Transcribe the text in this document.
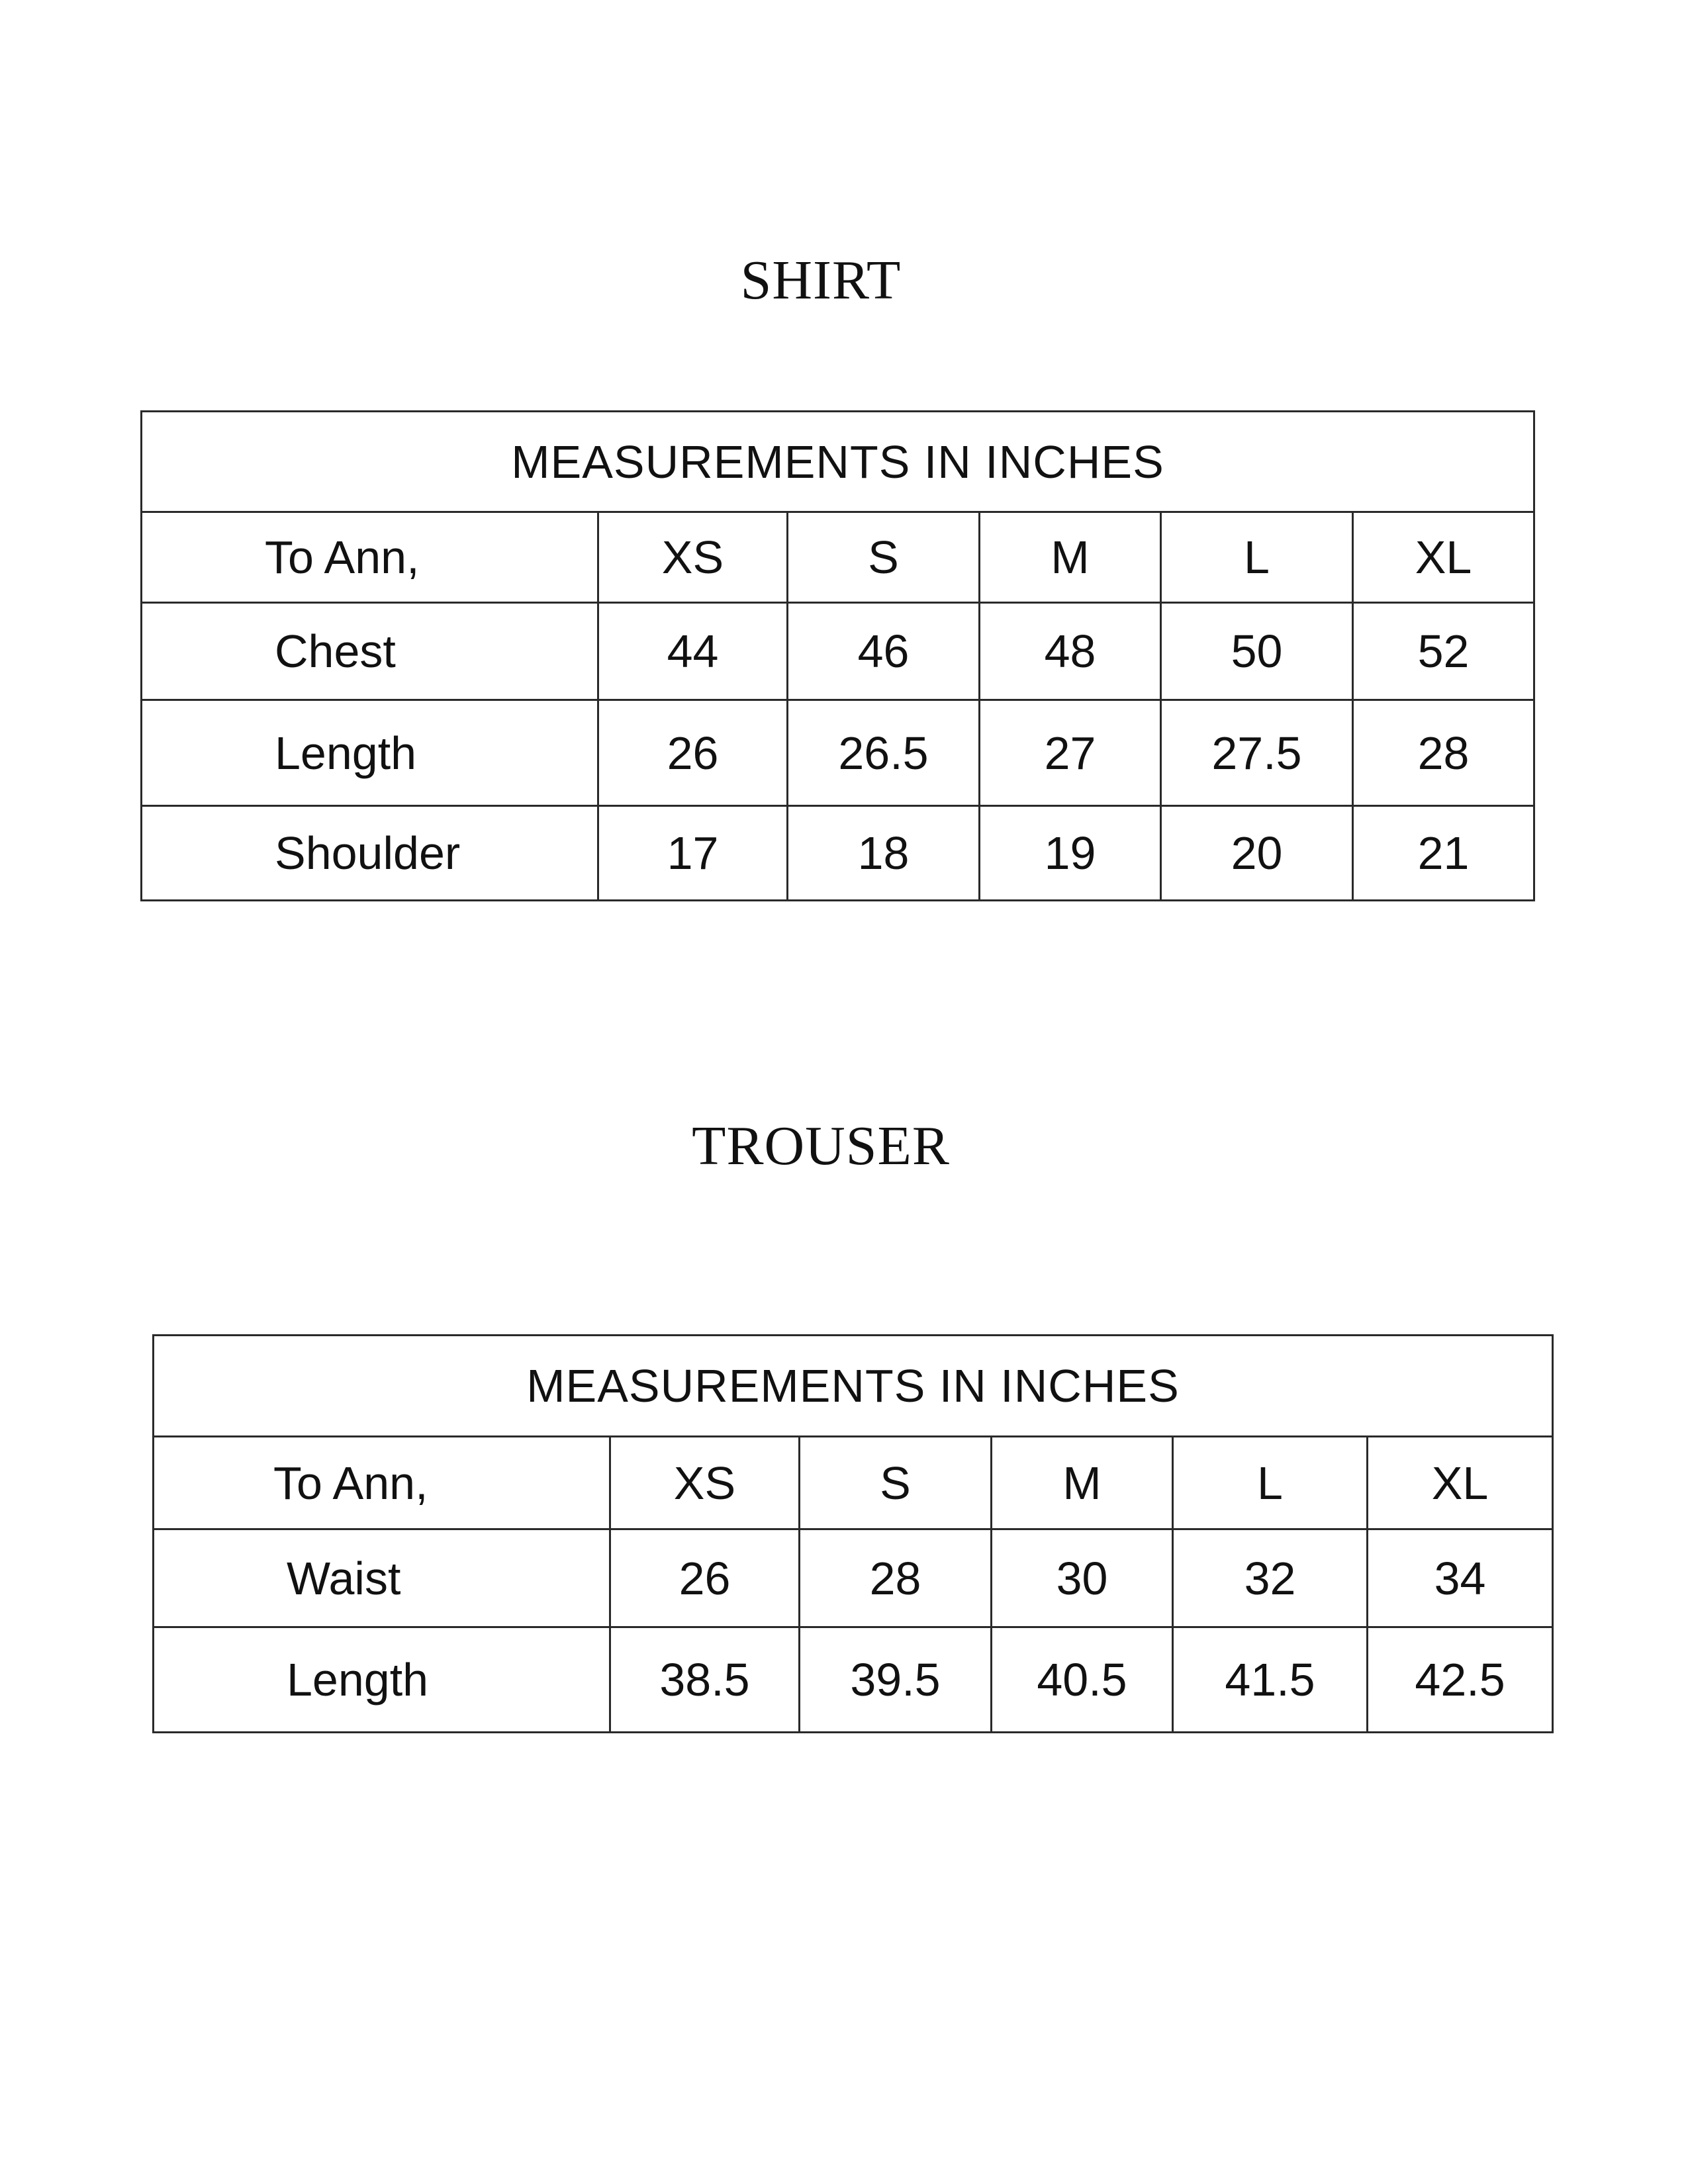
SHIRT
MEASUREMENTS IN INCHES					
To Ann,	XS	S	M	L	XL
Chest	44	46	48	50	52
Length	26	26.5	27	27.5	28
Shoulder	17	18	19	20	21
TROUSER
MEASUREMENTS IN INCHES					
To Ann,	XS	S	M	L	XL
Waist	26	28	30	32	34
Length	38.5	39.5	40.5	41.5	42.5
